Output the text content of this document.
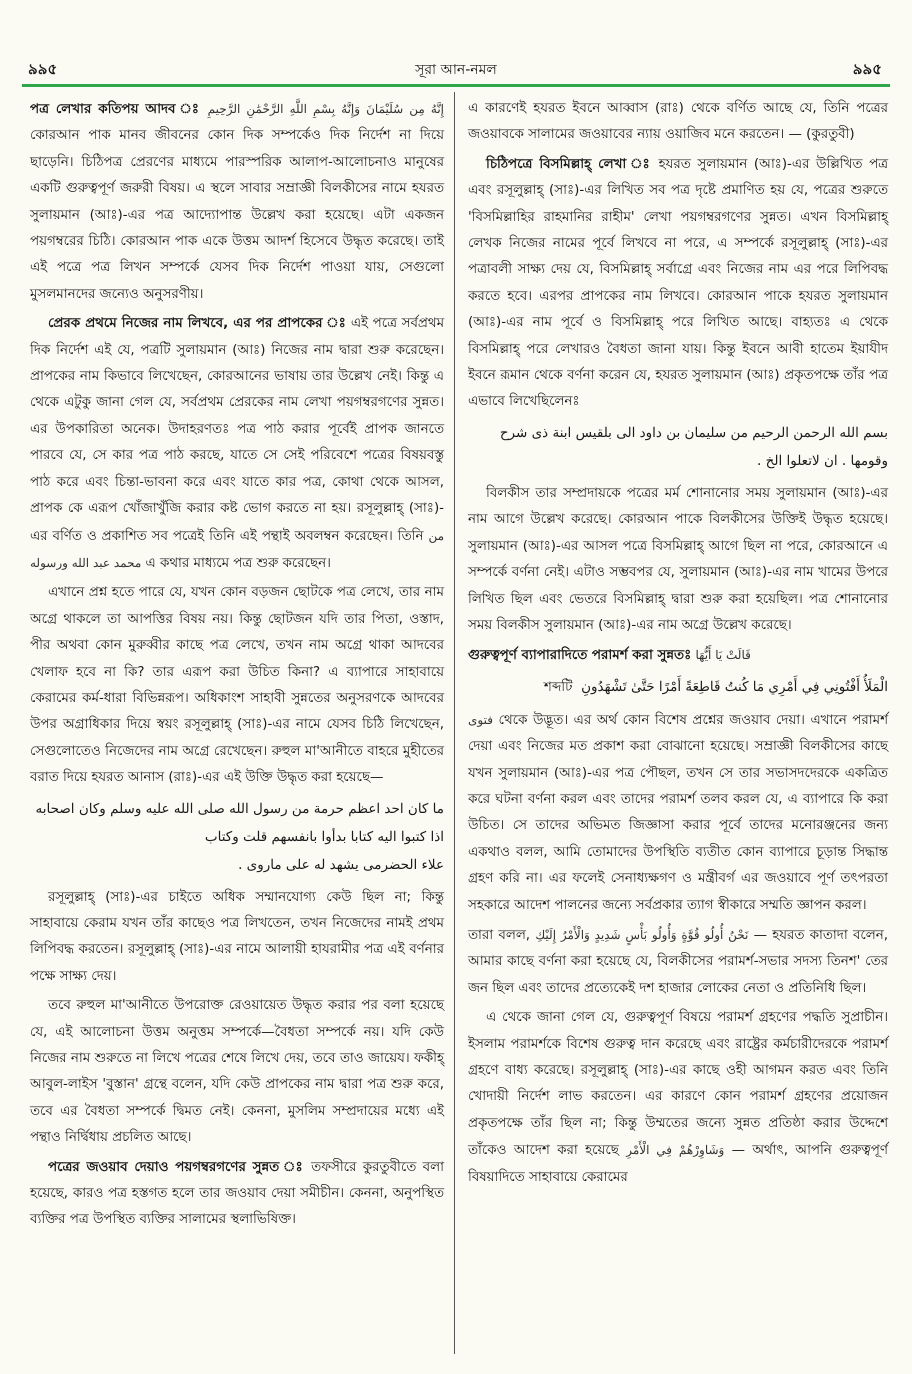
৯৯৫	সূরা আন-নমল	৯৯৫

পত্র লেখার কতিপয় আদব ঃ إِنَّهُ مِن سُلَيْمَانَ وَإِنَّهُ بِسْمِ اللَّهِ الرَّحْمَٰنِ الرَّحِيمِ কোরআন পাক মানব জীবনের কোন দিক সম্পর্কেও দিক নির্দেশ না দিয়ে ছাড়েনি। চিঠিপত্র প্রেরণের মাধ্যমে পারস্পরিক আলাপ-আলোচনাও মানুষের একটি গুরুত্বপূর্ণ জরুরী বিষয়। এ স্থলে সাবার সম্রাজ্ঞী বিলকীসের নামে হযরত সুলায়মান (আঃ)-এর পত্র আদ্যোপান্ত উল্লেখ করা হয়েছে। এটা একজন পয়গম্বরের চিঠি। কোরআন পাক একে উত্তম আদর্শ হিসেবে উদ্ধৃত করেছে। তাই এই পত্রে পত্র লিখন সম্পর্কে যেসব দিক নির্দেশ পাওয়া যায়, সেগুলো মুসলমানদের জন্যেও অনুসরণীয়।

প্রেরক প্রথমে নিজের নাম লিখবে, এর পর প্রাপকের ঃ এই পত্রে সর্বপ্রথম দিক নির্দেশ এই যে, পত্রটি সুলায়মান (আঃ) নিজের নাম দ্বারা শুরু করেছেন। প্রাপকের নাম কিভাবে লিখেছেন, কোরআনের ভাষায় তার উল্লেখ নেই। কিন্তু এ থেকে এটুকু জানা গেল যে, সর্বপ্রথম প্রেরকের নাম লেখা পয়গম্বরগণের সুন্নত। এর উপকারিতা অনেক। উদাহরণতঃ পত্র পাঠ করার পূর্বেই প্রাপক জানতে পারবে যে, সে কার পত্র পাঠ করছে, যাতে সে সেই পরিবেশে পত্রের বিষয়বস্তু পাঠ করে এবং চিন্তা-ভাবনা করে এবং যাতে কার পত্র, কোথা থেকে আসল, প্রাপক কে এরূপ খোঁজাখুঁজি করার কষ্ট ভোগ করতে না হয়। রসূলুল্লাহ্ (সাঃ)-এর বর্ণিত ও প্রকাশিত সব পত্রেই তিনি এই পন্থাই অবলম্বন করেছেন। তিনি من محمد عبد الله ورسوله এ কথার মাধ্যমে পত্র শুরু করেছেন।

এখানে প্রশ্ন হতে পারে যে, যখন কোন বড়জন ছোটকে পত্র লেখে, তার নাম অগ্রে থাকলে তা আপত্তির বিষয় নয়। কিন্তু ছোটজন যদি তার পিতা, ওস্তাদ, পীর অথবা কোন মুরুব্বীর কাছে পত্র লেখে, তখন নাম অগ্রে থাকা আদবের খেলাফ হবে না কি? তার এরূপ করা উচিত কিনা? এ ব্যাপারে সাহাবায়ে কেরামের কর্ম-ধারা বিভিন্নরূপ। অধিকাংশ সাহাবী সুন্নতের অনুসরণকে আদবের উপর অগ্রাধিকার দিয়ে স্বয়ং রসূলুল্লাহ্ (সাঃ)-এর নামে যেসব চিঠি লিখেছেন, সেগুলোতেও নিজেদের নাম অগ্রে রেখেছেন। রুহুল মা'আনীতে বাহরে মুহীতের বরাত দিয়ে হযরত আনাস (রাঃ)-এর এই উক্তি উদ্ধৃত করা হয়েছে—

ما كان احد اعظم حرمة من رسول الله صلى الله عليه وسلم وكان اصحابه اذا كتبوا اليه كتابا بدأوا بانفسهم قلت وكتاب
علاء الحضرمى يشهد له على ماروى .

রসূলুল্লাহ্ (সাঃ)-এর চাইতে অধিক সম্মানযোগ্য কেউ ছিল না; কিন্তু সাহাবায়ে কেরাম যখন তাঁর কাছেও পত্র লিখতেন, তখন নিজেদের নামই প্রথম লিপিবদ্ধ করতেন। রসূলুল্লাহ্ (সাঃ)-এর নামে আলায়ী হাযরামীর পত্র এই বর্ণনার পক্ষে সাক্ষ্য দেয়।

তবে রুহুল মা'আনীতে উপরোক্ত রেওয়ায়েত উদ্ধৃত করার পর বলা হয়েছে যে, এই আলোচনা উত্তম অনুত্তম সম্পর্কে—বৈধতা সম্পর্কে নয়। যদি কেউ নিজের নাম শুরুতে না লিখে পত্রের শেষে লিখে দেয়, তবে তাও জায়েয। ফকীহ্ আবুল-লাইস 'বুস্তান' গ্রন্থে বলেন, যদি কেউ প্রাপকের নাম দ্বারা পত্র শুরু করে, তবে এর বৈধতা সম্পর্কে দ্বিমত নেই। কেননা, মুসলিম সম্প্রদায়ের মধ্যে এই পন্থাও নির্দ্বিধায় প্রচলিত আছে।

পত্রের জওয়াব দেয়াও পয়গম্বরগণের সুন্নত ঃ তফসীরে কুরতুবীতে বলা হয়েছে, কারও পত্র হস্তগত হলে তার জওয়াব দেয়া সমীচীন। কেননা, অনুপস্থিত ব্যক্তির পত্র উপস্থিত ব্যক্তির সালামের স্থলাভিষিক্ত।

এ কারণেই হযরত ইবনে আব্বাস (রাঃ) থেকে বর্ণিত আছে যে, তিনি পত্রের জওয়াবকে সালামের জওয়াবের ন্যায় ওয়াজিব মনে করতেন। — (কুরতুবী)

চিঠিপত্রে বিসমিল্লাহ্ লেখা ঃ হযরত সুলায়মান (আঃ)-এর উল্লিখিত পত্র এবং রসূলুল্লাহ্ (সাঃ)-এর লিখিত সব পত্র দৃষ্টে প্রমাণিত হয় যে, পত্রের শুরুতে 'বিসমিল্লাহির রাহমানির রাহীম' লেখা পয়গম্বরগণের সুন্নত। এখন বিসমিল্লাহ্ লেখক নিজের নামের পূর্বে লিখবে না পরে, এ সম্পর্কে রসূলুল্লাহ্ (সাঃ)-এর পত্রাবলী সাক্ষ্য দেয় যে, বিসমিল্লাহ্ সর্বাগ্রে এবং নিজের নাম এর পরে লিপিবদ্ধ করতে হবে। এরপর প্রাপকের নাম লিখবে। কোরআন পাকে হযরত সুলায়মান (আঃ)-এর নাম পূর্বে ও বিসমিল্লাহ্ পরে লিখিত আছে। বাহ্যতঃ এ থেকে বিসমিল্লাহ্ পরে লেখারও বৈধতা জানা যায়। কিন্তু ইবনে আবী হাতেম ইয়াযীদ ইবনে রূমান থেকে বর্ণনা করেন যে, হযরত সুলায়মান (আঃ) প্রকৃতপক্ষে তাঁর পত্র এভাবে লিখেছিলেনঃ

بسم الله الرحمن الرحيم من سليمان بن داود الى بلقيس ابنة ذى شرح وقومها . ان لاتعلوا الخ .

বিলকীস তার সম্প্রদায়কে পত্রের মর্ম শোনানোর সময় সুলায়মান (আঃ)-এর নাম আগে উল্লেখ করেছে। কোরআন পাকে বিলকীসের উক্তিই উদ্ধৃত হয়েছে। সুলায়মান (আঃ)-এর আসল পত্রে বিসমিল্লাহ্ আগে ছিল না পরে, কোরআনে এ সম্পর্কে বর্ণনা নেই। এটাও সম্ভবপর যে, সুলায়মান (আঃ)-এর নাম খামের উপরে লিখিত ছিল এবং ভেতরে বিসমিল্লাহ্ দ্বারা শুরু করা হয়েছিল। পত্র শোনানোর সময় বিলকীস সুলায়মান (আঃ)-এর নাম অগ্রে উল্লেখ করেছে।

গুরুত্বপূর্ণ ব্যাপারাদিতে পরামর্শ করা সুন্নতঃ قَالَتْ يَا أَيُّهَا

الْمَلَأُ أَفْتُونِي فِي أَمْرِي مَا كُنتُ قَاطِعَةً أَمْرًا حَتَّىٰ تَشْهَدُونِ  শব্দটি

فتوى থেকে উদ্ভূত। এর অর্থ কোন বিশেষ প্রশ্নের জওয়াব দেয়া। এখানে পরামর্শ দেয়া এবং নিজের মত প্রকাশ করা বোঝানো হয়েছে। সম্রাজ্ঞী বিলকীসের কাছে যখন সুলায়মান (আঃ)-এর পত্র পৌছল, তখন সে তার সভাসদদেরকে একত্রিত করে ঘটনা বর্ণনা করল এবং তাদের পরামর্শ তলব করল যে, এ ব্যাপারে কি করা উচিত। সে তাদের অভিমত জিজ্ঞাসা করার পূর্বে তাদের মনোরঞ্জনের জন্য একথাও বলল, আমি তোমাদের উপস্থিতি ব্যতীত কোন ব্যাপারে চূড়ান্ত সিদ্ধান্ত গ্রহণ করি না। এর ফলেই সেনাধ্যক্ষগণ ও মন্ত্রীবর্গ এর জওয়াবে পূর্ণ তৎপরতা সহকারে আদেশ পালনের জন্যে সর্বপ্রকার ত্যাগ স্বীকারে সম্মতি জ্ঞাপন করল।

তারা বলল, نَحْنُ أُولُو قُوَّةٍ وَأُولُو بَأْسٍ شَدِيدٍ وَالْأَمْرُ إِلَيْكِ — হযরত কাতাদা বলেন, আমার কাছে বর্ণনা করা হয়েছে যে, বিলকীসের পরামর্শ-সভার সদস্য তিনশ' তের জন ছিল এবং তাদের প্রত্যেকেই দশ হাজার লোকের নেতা ও প্রতিনিধি ছিল।

এ থেকে জানা গেল যে, গুরুত্বপূর্ণ বিষয়ে পরামর্শ গ্রহণের পদ্ধতি সুপ্রাচীন। ইসলাম পরামর্শকে বিশেষ গুরুত্ব দান করেছে এবং রাষ্ট্রের কর্মচারীদেরকে পরামর্শ গ্রহণে বাধ্য করেছে। রসূলুল্লাহ্ (সাঃ)-এর কাছে ওহী আগমন করত এবং তিনি খোদায়ী নির্দেশ লাভ করতেন। এর কারণে কোন পরামর্শ গ্রহণের প্রয়োজন প্রকৃতপক্ষে তাঁর ছিল না; কিন্তু উম্মতের জন্যে সুন্নত প্রতিষ্ঠা করার উদ্দেশে তাঁকেও আদেশ করা হয়েছে وَشَاوِرْهُمْ فِي الْأَمْرِ — অর্থাৎ, আপনি গুরুত্বপূর্ণ বিষয়াদিতে সাহাবায়ে কেরামের
